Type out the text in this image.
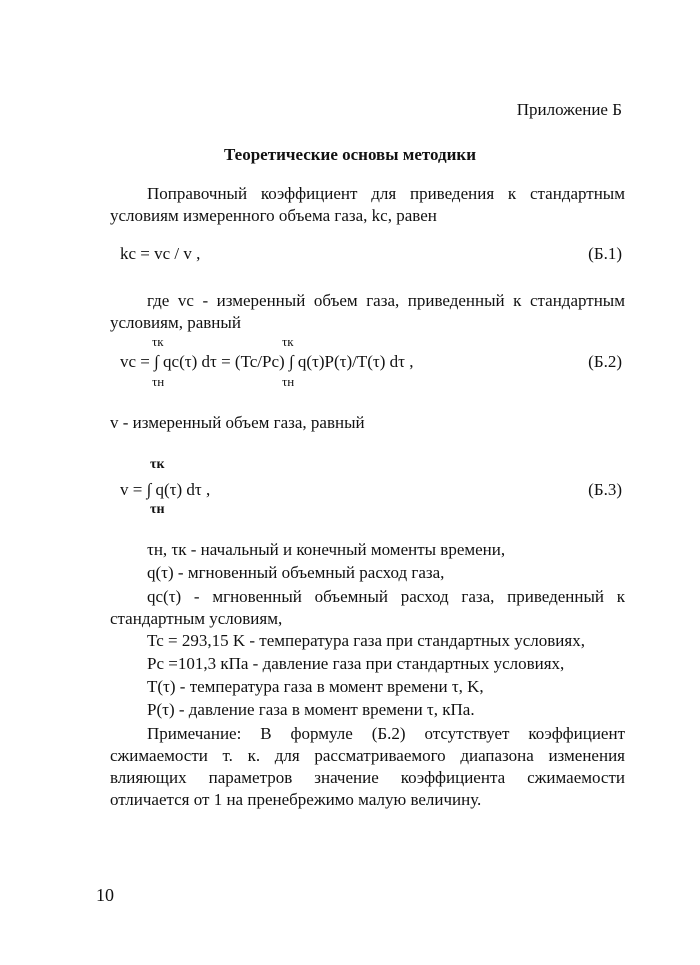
Приложение Б
Теоретические основы методики
Поправочный коэффициент для приведения к стандартным условиям измеренного объема газа, kc, равен
kc = vc / v ,	(Б.1)
где vc - измеренный объем газа, приведенный к стандартным условиям, равный
τк	τк
vc = ∫ qc(τ) dτ = (Tc/Pc) ∫ q(τ)P(τ)/T(τ) dτ ,	(Б.2)
τн	τн
v - измеренный объем газа, равный
τк
v = ∫ q(τ) dτ ,	(Б.3)
τн
τн, τк - начальный и конечный моменты времени,
q(τ) - мгновенный объемный расход газа,
qc(τ) - мгновенный объемный расход газа, приведенный к стандартным условиям,
Tc = 293,15 K - температура газа при стандартных условиях,
Pc =101,3 кПа - давление газа при стандартных условиях,
T(τ) - температура газа в момент времени τ, K,
P(τ) - давление газа в момент времени τ, кПа.
Примечание: В формуле (Б.2) отсутствует коэффициент сжимаемости т. к. для рассматриваемого диапазона изменения влияющих параметров значение коэффициента сжимаемости отличается от 1 на пренебрежимо малую величину.
10
